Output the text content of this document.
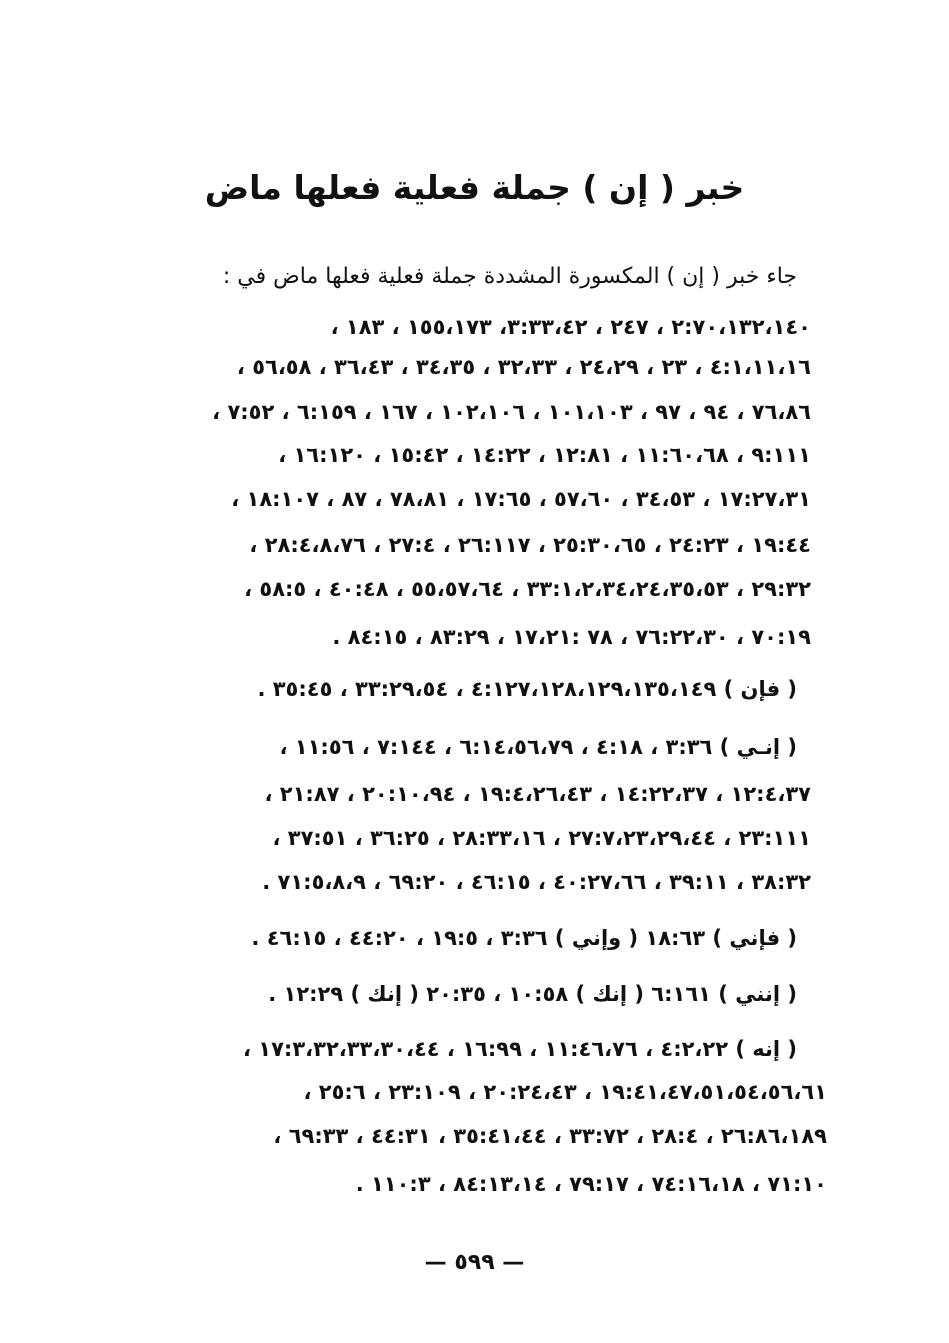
خبر ( إن ) جملة فعلية فعلها ماض
جاء خبر ( إن ) المكسورة المشددة جملة فعلية فعلها ماض في :
٢:٧٠،١٣٢،١٤٠ ، ٢٤٧ ، ٣:٣٣،٤٢، ١٥٥،١٧٣ ، ١٨٣ ،
٤:١،١١،١٦ ، ٢٣ ، ٢٤،٢٩ ، ٣٢،٣٣ ، ٣٤،٣٥ ، ٣٦،٤٣ ، ٥٦،٥٨ ،
٧٦،٨٦ ، ٩٤ ، ٩٧ ، ١٠١،١٠٣ ، ١٠٢،١٠٦ ، ١٦٧ ، ٦:١٥٩ ، ٧:٥٢ ،
٩:١١١ ، ١١:٦٠،٦٨ ، ١٢:٨١ ، ١٤:٢٢ ، ١٥:٤٢ ، ١٦:١٢٠ ،
١٧:٢٧،٣١ ، ٣٤،٥٣ ، ٥٧،٦٠ ، ١٧:٦٥ ، ٧٨،٨١ ، ٨٧ ، ١٨:١٠٧ ،
١٩:٤٤ ، ٢٤:٢٣ ، ٢٥:٣٠،٦٥ ، ٢٦:١١٧ ، ٢٧:٤ ، ٢٨:٤،٨،٧٦ ،
٢٩:٣٢ ، ٣٣:١،٢،٣٤،٢٤،٣٥،٥٣ ، ٥٥،٥٧،٦٤ ، ٤٠:٤٨ ، ٥٨:٥ ،
٧٠:١٩ ، ٧٦:٢٢،٣٠ ، ٧٨ :١٧،٢١ ، ٨٣:٢٩ ، ٨٤:١٥ .
( فإن ) ٤:١٢٧،١٢٨،١٢٩،١٣٥،١٤٩ ، ٣٣:٢٩،٥٤ ، ٣٥:٤٥ .
( إنـي ) ٣:٣٦ ، ٤:١٨ ، ٦:١٤،٥٦،٧٩ ، ٧:١٤٤ ، ١١:٥٦ ،
١٢:٤،٣٧ ، ١٤:٢٢،٣٧ ، ١٩:٤،٢٦،٤٣ ، ٢٠:١٠،٩٤ ، ٢١:٨٧ ،
٢٣:١١١ ، ٢٧:٧،٢٣،٢٩،٤٤ ، ٢٨:٣٣،١٦ ، ٣٦:٢٥ ، ٣٧:٥١ ،
٣٨:٣٢ ، ٣٩:١١ ، ٤٠:٢٧،٦٦ ، ٤٦:١٥ ، ٦٩:٢٠ ، ٧١:٥،٨،٩ .
( فإني ) ١٨:٦٣ ( وإني ) ٣:٣٦ ، ١٩:٥ ، ٤٤:٢٠ ، ٤٦:١٥ .
( إنني ) ٦:١٦١ ( إنك ) ١٠:٥٨ ، ٢٠:٣٥ ( إنك ) ١٢:٢٩ .
( إنه ) ٤:٢،٢٢ ، ١١:٤٦،٧٦ ، ١٦:٩٩ ، ١٧:٣،٣٢،٣٣،٣٠،٤٤ ،
١٩:٤١،٤٧،٥١،٥٤،٥٦،٦١ ، ٢٠:٢٤،٤٣ ، ٢٣:١٠٩ ، ٢٥:٦ ،
٢٦:٨٦،١٨٩ ، ٢٨:٤ ، ٣٣:٧٢ ، ٣٥:٤١،٤٤ ، ٤٤:٣١ ، ٦٩:٣٣ ،
٧١:١٠ ، ٧٤:١٦،١٨ ، ٧٩:١٧ ، ٨٤:١٣،١٤ ، ١١٠:٣ .
— ٥٩٩ —
